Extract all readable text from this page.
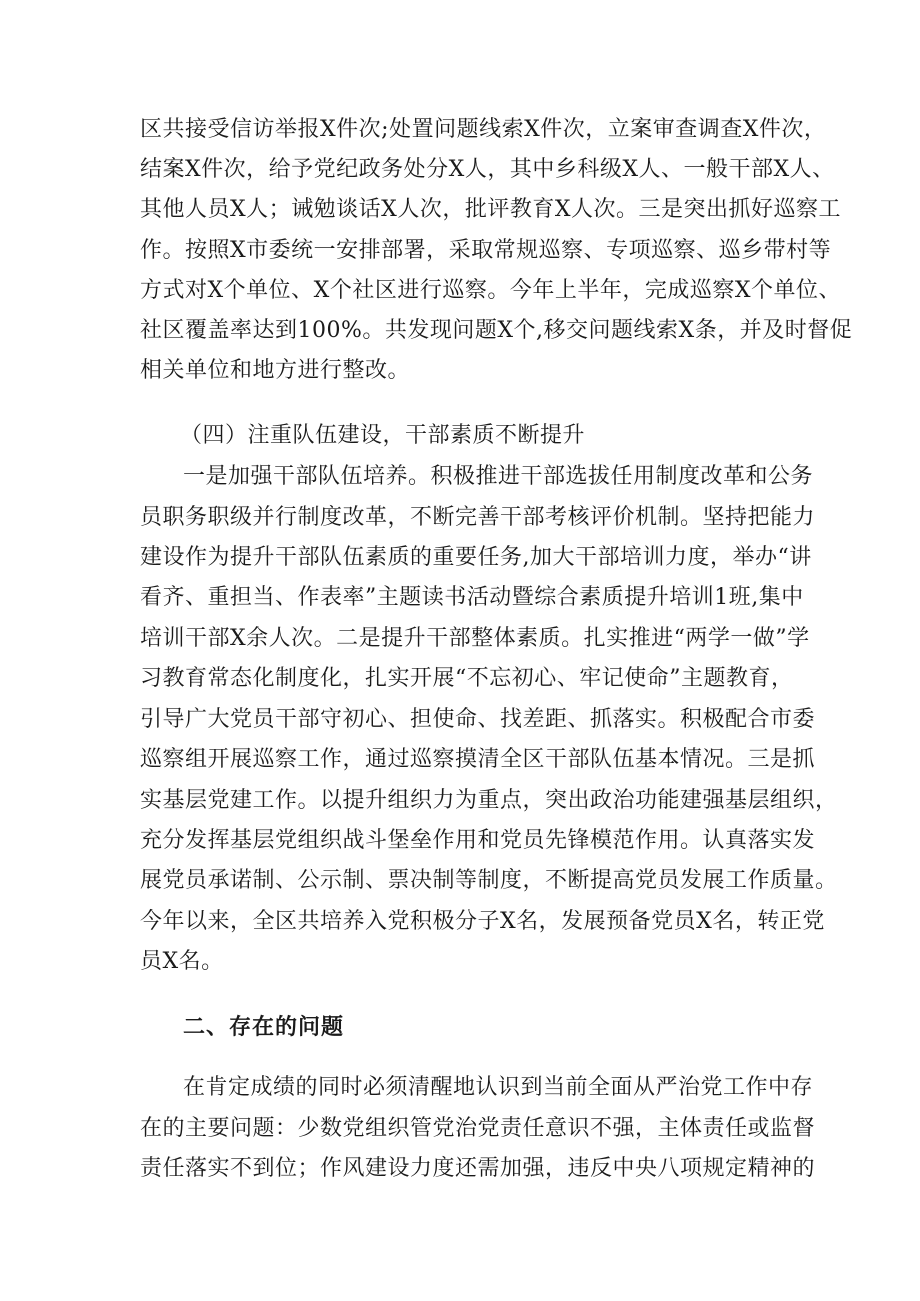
区共接受信访举报X件次;处置问题线索X件次，立案审查调查X件次，
结案X件次，给予党纪政务处分X人，其中乡科级X人、一般干部X人、
其他人员X人；诫勉谈话X人次，批评教育X人次。三是突出抓好巡察工
作。按照X市委统一安排部署，采取常规巡察、专项巡察、巡乡带村等
方式对X个单位、X个社区进行巡察。今年上半年，完成巡察X个单位、
社区覆盖率达到100%。共发现问题X个,移交问题线索X条，并及时督促
相关单位和地方进行整改。
（四）注重队伍建设，干部素质不断提升
一是加强干部队伍培养。积极推进干部选拔任用制度改革和公务
员职务职级并行制度改革，不断完善干部考核评价机制。坚持把能力
建设作为提升干部队伍素质的重要任务,加大干部培训力度，举办“讲
看齐、重担当、作表率”主题读书活动暨综合素质提升培训1班,集中
培训干部X余人次。二是提升干部整体素质。扎实推进“两学一做”学
习教育常态化制度化，扎实开展“不忘初心、牢记使命”主题教育，
引导广大党员干部守初心、担使命、找差距、抓落实。积极配合市委
巡察组开展巡察工作，通过巡察摸清全区干部队伍基本情况。三是抓
实基层党建工作。以提升组织力为重点，突出政治功能建强基层组织，
充分发挥基层党组织战斗堡垒作用和党员先锋模范作用。认真落实发
展党员承诺制、公示制、票决制等制度，不断提高党员发展工作质量。
今年以来，全区共培养入党积极分子X名，发展预备党员X名，转正党
员X名。
二、存在的问题
在肯定成绩的同时必须清醒地认识到当前全面从严治党工作中存
在的主要问题：少数党组织管党治党责任意识不强，主体责任或监督
责任落实不到位；作风建设力度还需加强，违反中央八项规定精神的
